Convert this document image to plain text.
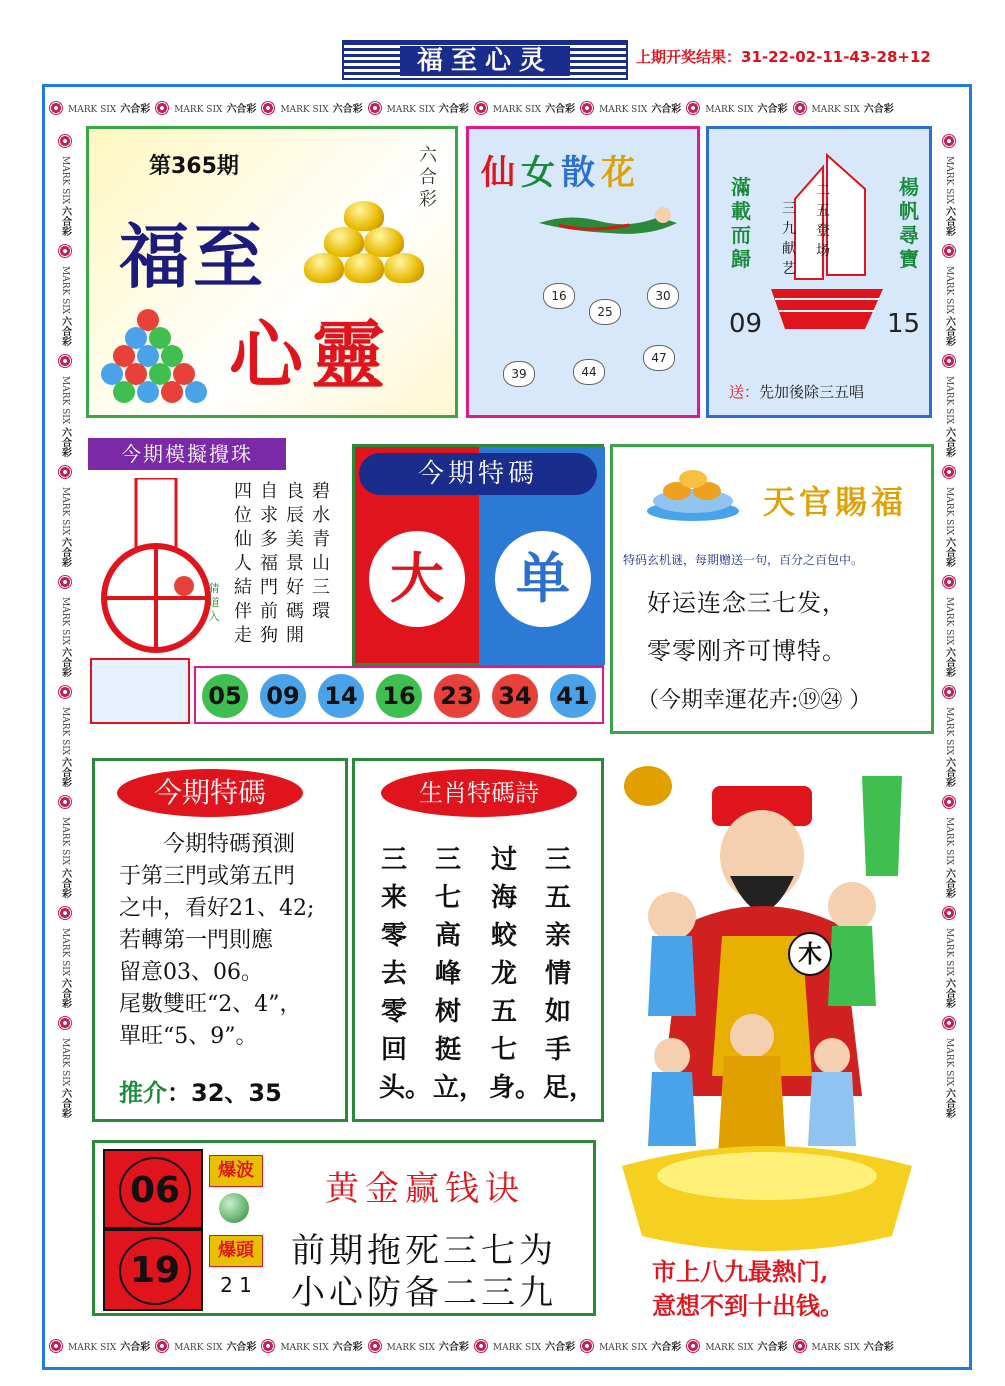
福至心灵	上期开奖结果：31-22-02-11-43-28+12
MARK SIX 六合彩	MARK SIX 六合彩	MARK SIX 六合彩	MARK SIX 六合彩	MARK SIX 六合彩	MARK SIX 六合彩	MARK SIX 六合彩	MARK SIX 六合彩
MARK SIX 六合彩	MARK SIX 六合彩	MARK SIX 六合彩	MARK SIX 六合彩	MARK SIX 六合彩	MARK SIX 六合彩	MARK SIX 六合彩	MARK SIX 六合彩
MARK SIX
六合彩
MARK SIX
六合彩
MARK SIX
六合彩
MARK SIX
六合彩
MARK SIX
六合彩
MARK SIX
六合彩
MARK SIX
六合彩
MARK SIX
六合彩
MARK SIX
六合彩
MARK SIX
六合彩
MARK SIX
六合彩
MARK SIX
六合彩
MARK SIX
六合彩
MARK SIX
六合彩
MARK SIX
六合彩
MARK SIX
六合彩
MARK SIX
六合彩
MARK SIX
六合彩
第365期	六合彩
福至
心靈
仙女散花
16	30
25
39	44
47
滿載而歸
楊帆尋寶
三九献艺
二五登场
09	15
送：先加後除三五唱
今期模擬攪珠
碧水青山三環
良辰美景好碼開
自求多福門前狗
四位仙人結伴走
猜道入
今期特碼
大	单
05 09 14 16 23 34 41
天官賜福
特码玄机谜，每期赠送一句，百分之百包中。
好运连念三七发，
零零刚齐可博特。
（今期幸運花卉:⑲㉔ ）
今期特碼
今期特碼預測
于第三門或第五門
之中，看好21、42;
若轉第一門則應
留意03、06。
尾數雙旺“2、4”，
單旺“5、9”。
推介：32、35
生肖特碼詩
三五亲情如手足，
过海蛟龙五七身。
三七高峰树挺立，
三来零去零回头。
06
19
爆波
爆頭
2 1
黄金赢钱诀
前期拖死三七为
小心防备二三九
木
市上八九最熱门,
意想不到十出钱。
